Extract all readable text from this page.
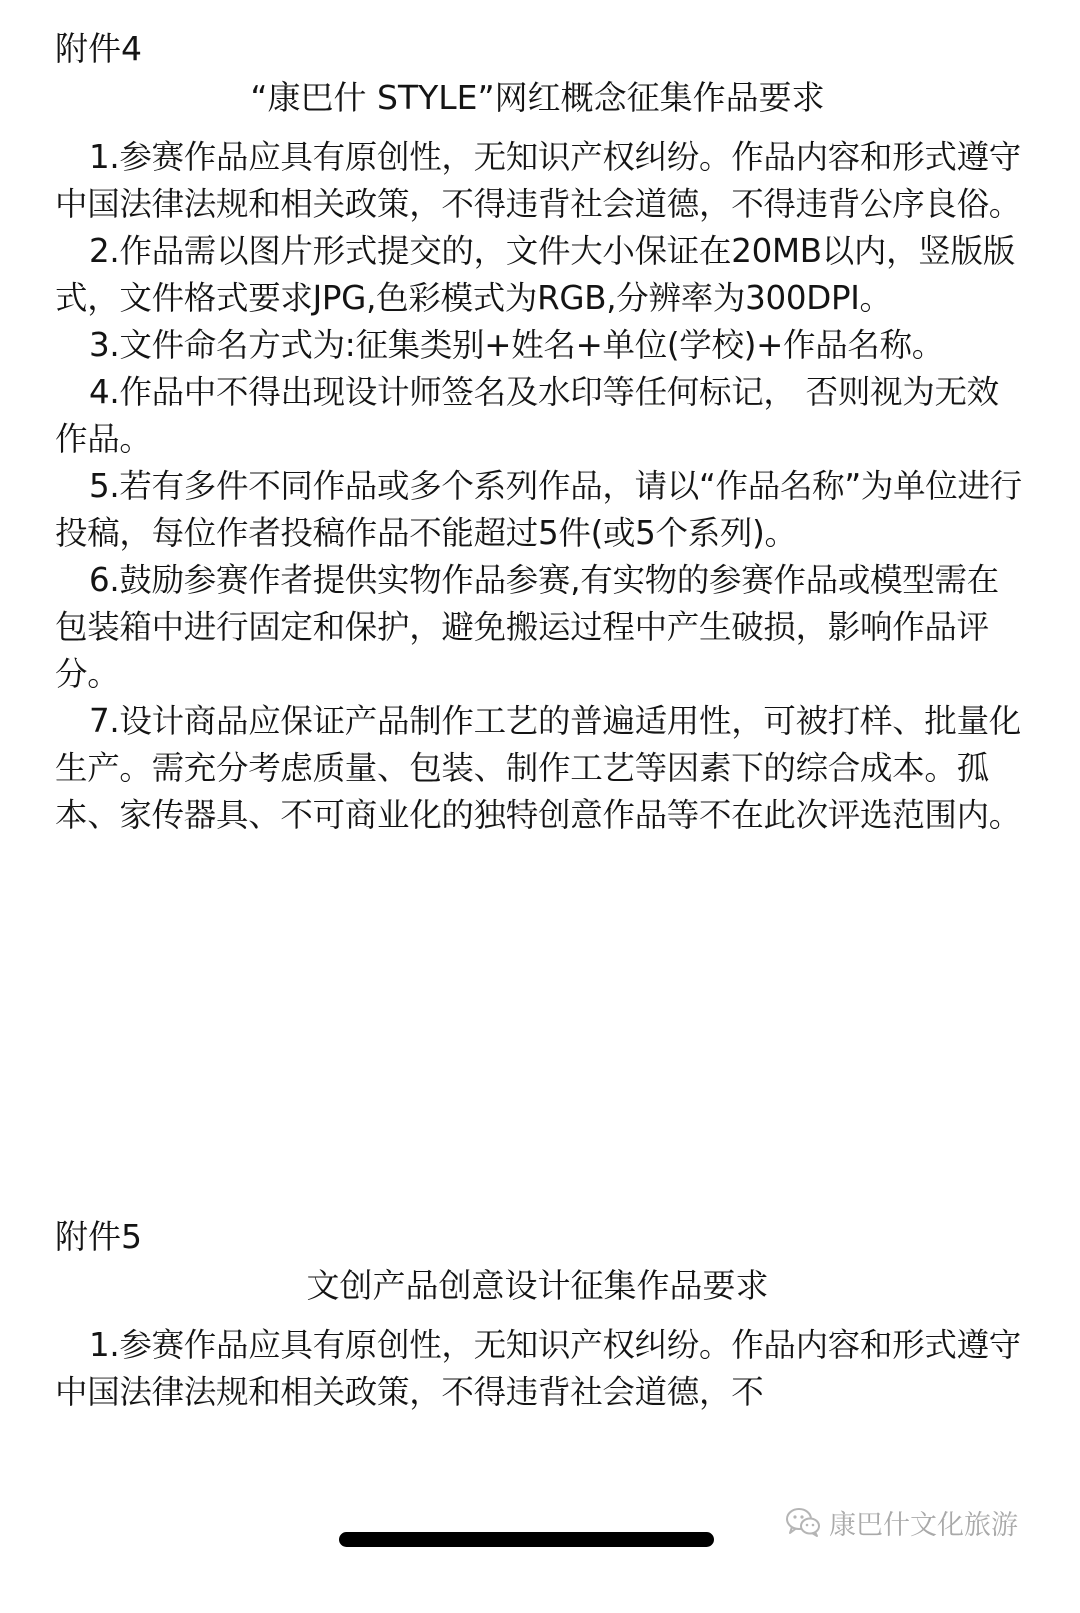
附件4
“康巴什 STYLE”网红概念征集作品要求

1.参赛作品应具有原创性，无知识产权纠纷。作品内容和形式遵守中国法律法规和相关政策，不得违背社会道德，不得违背公序良俗。

2.作品需以图片形式提交的，文件大小保证在20MB以内，竖版版式，文件格式要求JPG,色彩模式为RGB,分辨率为300DPI。

3.文件命名方式为:征集类别+姓名+单位(学校)+作品名称。

4.作品中不得出现设计师签名及水印等任何标记， 否则视为无效作品。

5.若有多件不同作品或多个系列作品，请以“作品名称”为单位进行投稿，每位作者投稿作品不能超过5件(或5个系列)。

6.鼓励参赛作者提供实物作品参赛,有实物的参赛作品或模型需在包装箱中进行固定和保护，避免搬运过程中产生破损，影响作品评分。

7.设计商品应保证产品制作工艺的普遍适用性，可被打样、批量化生产。需充分考虑质量、包装、制作工艺等因素下的综合成本。孤本、家传器具、不可商业化的独特创意作品等不在此次评选范围内。

附件5
文创产品创意设计征集作品要求

1.参赛作品应具有原创性，无知识产权纠纷。作品内容和形式遵守中国法律法规和相关政策，不得违背社会道德，不

康巴什文化旅游
